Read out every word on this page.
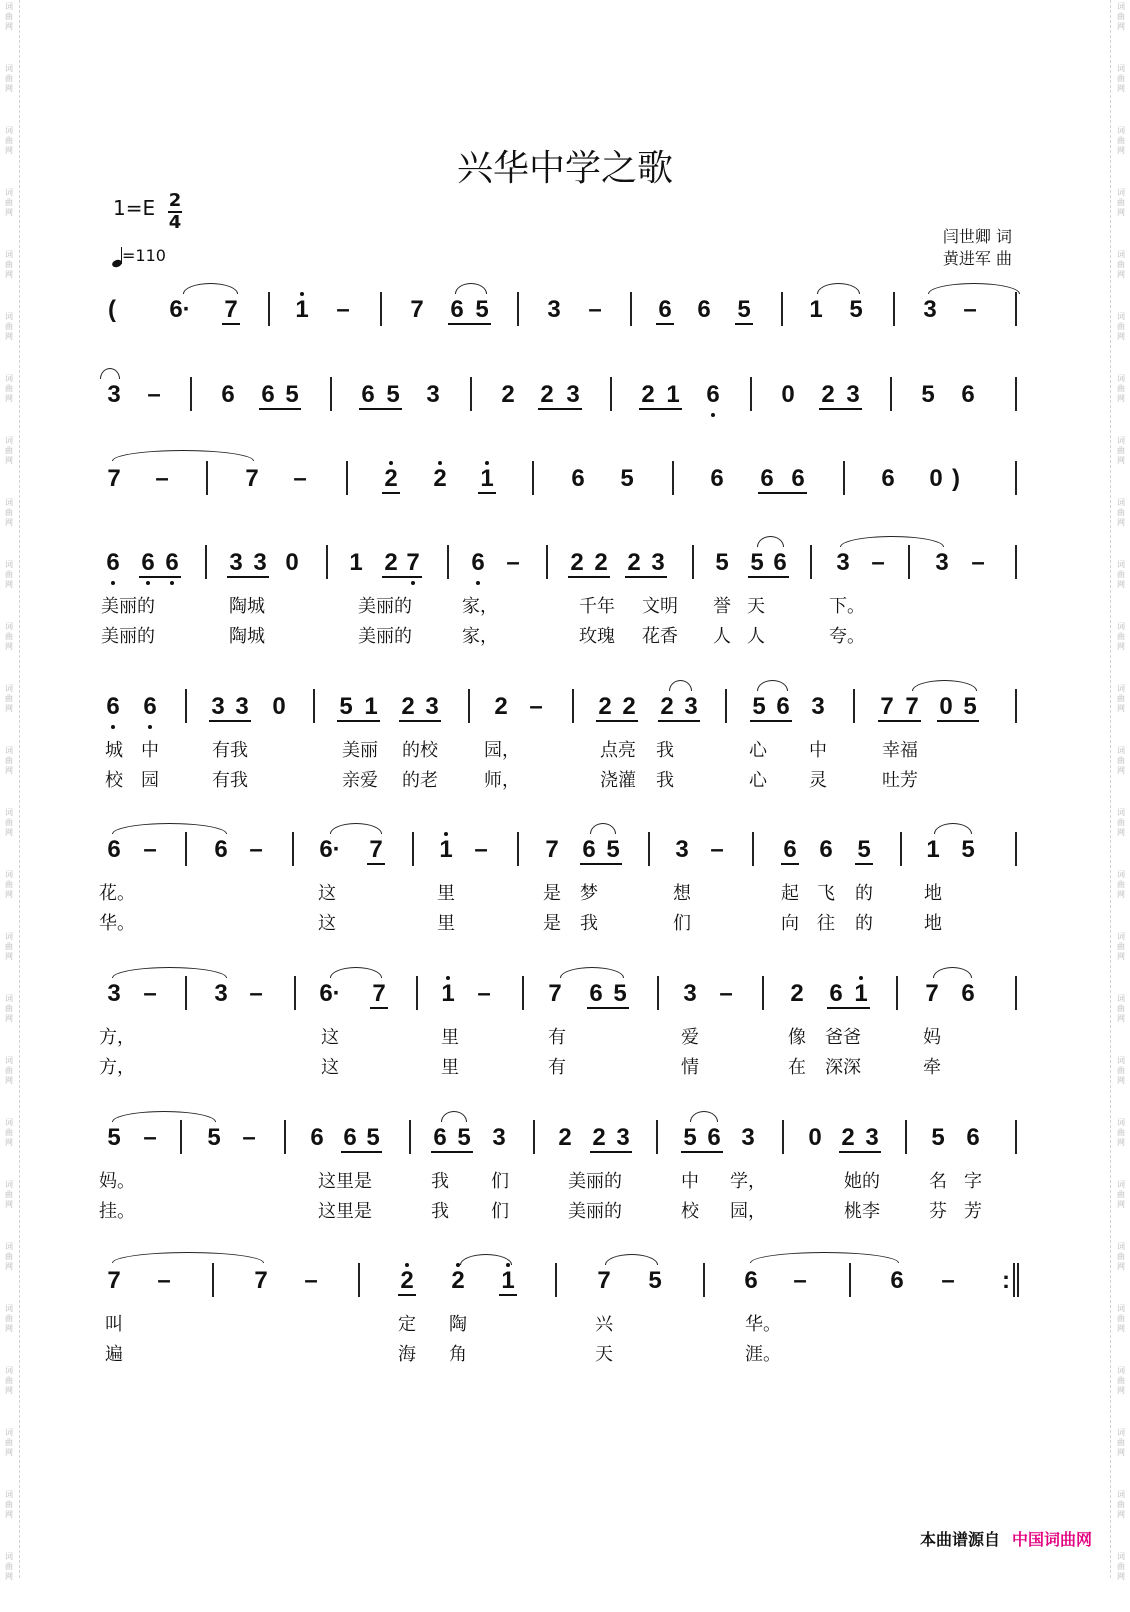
词
曲
网
词
曲
网
词
曲
网
词
曲
网
词
曲
网
词
曲
网
词
曲
网
词
曲
网
词
曲
网
词
曲
网
词
曲
网
词
曲
网
词
曲
网
词
曲
网
词
曲
网
词
曲
网
词
曲
网
词
曲
网
词
曲
网
词
曲
网
词
曲
网
词
曲
网
词
曲
网
词
曲
网
词
曲
网
词
曲
网
词
曲
网
词
曲
网
词
曲
网
词
曲
网
词
曲
网
词
曲
网
词
曲
网
词
曲
网
词
曲
网
词
曲
网
词
曲
网
词
曲
网
词
曲
网
词
曲
网
词
曲
网
词
曲
网
词
曲
网
词
曲
网
词
曲
网
词
曲
网
词
曲
网
词
曲
网
词
曲
网
词
曲
网
词
曲
网
词
曲
网
兴华中学之歌
1=E 2
4
=110
闫世卿 词
黄进军 曲
( 6· 7 1 –	7 6 5 3 – 6 6 5 1 5	3 –
3 –	6 6 5	6 5 3	2 2 3	2 1 6	0 2 3	5 6
7 –	7 –	2 2 1	6 5	6 6 6	6 0 )
6 6 6 3 3 0 1 2 7 6 – 2 2 2 3 5 5 6 3 – 3 –
美丽的	陶城	美丽的	家，	千年 文明 誉 天	下。
美丽的	陶城	美丽的	家，	玫瑰 花香 人 人	夸。
6 6 3 3 0 5 1 2 3 2 – 2 2 2 3 5 6 3 7 7 0 5
城 中	有我	美丽 的校	园，	点亮 我	心 中	幸福
校 园	有我	亲爱 的老	师，	浇灌 我	心 灵	吐芳
6 – 6 – 6· 7 1 – 7 6 5 3 – 6 6 5 1 5
花。	这	里	是 梦	想	起 飞 的	地
华。	这	里	是 我	们	向 往 的	地
3 – 3 – 6· 7 1 – 7 6 5 3 – 2 6 1 7 6
方，	这	里	有	爱	像 爸爸	妈
方，	这	里	有	情	在 深深	牵
5 – 5 – 6 6 5 6 5 3 2 2 3 5 6 3 0 2 3 5 6
妈。	这里是	我 们	美丽的	中 学，	她的	名 字
挂。	这里是	我 们	美丽的	校 园，	桃李	芬 芳
7 –	7 –	2 2 1	7 5	6 –	6 – :
叫	定 陶	兴	华。
遍	海 角	天	涯。
本曲谱源自 中国词曲网
